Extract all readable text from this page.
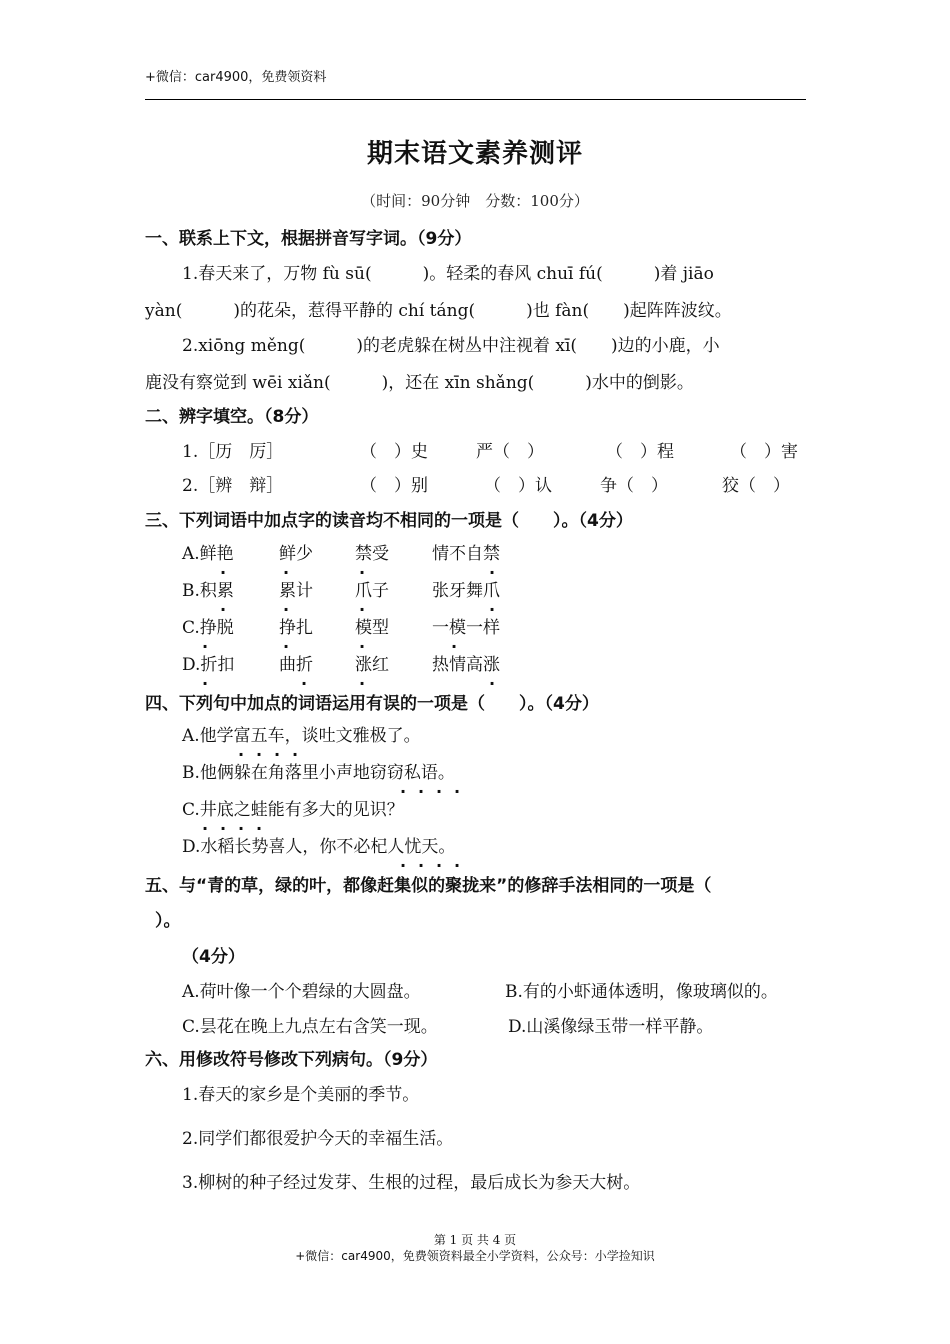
+微信：car4900，免费领资料
期末语文素养测评
（时间：90分钟　分数：100分）
一、联系上下文，根据拼音写字词。（9分）
1.春天来了，万物 fù sū(　　　)。轻柔的春风 chuī fú(　　　)着 jiāo
yàn(　　　)的花朵，惹得平静的 chí táng(　　　)也 fàn(　　)起阵阵波纹。
2.xiōng měng(　　　)的老虎躲在树丛中注视着 xī(　　)边的小鹿，小
鹿没有察觉到 wēi xiǎn(　　　)，还在 xīn shǎng(　　　)水中的倒影。
二、辨字填空。（8分）
1.［历　厉］	（　）史	严（　）	（　）程	（　）害
2.［辨　辩］	（　）别	（　）认	争（　）	狡（　）
三、下列词语中加点字的读音均不相同的一项是（　　）。（4分）
A.鲜艳	鲜少 禁受	情不自禁
B.积累	累计 爪子	张牙舞爪
C.挣脱	挣扎 模型	一模一样
D.折扣	曲折 涨红	热情高涨
·	·	·	·
·	·	·	·
·	·	·	·
·	·	·	·
四、下列句中加点的词语运用有误的一项是（　　）。（4分）
A.他学富五车，谈吐文雅极了。
B.他俩躲在角落里小声地窃窃私语。
C.井底之蛙能有多大的见识？
D.水稻长势喜人，你不必杞人忧天。
· · · ·
· · · ·
· · · ·
· · · ·
五、与“青的草，绿的叶，都像赶集似的聚拢来”的修辞手法相同的一项是（
）。
（4分）
A.荷叶像一个个碧绿的大圆盘。	B.有的小虾通体透明，像玻璃似的。
C.昙花在晚上九点左右含笑一现。	D.山溪像绿玉带一样平静。
六、用修改符号修改下列病句。（9分）
1.春天的家乡是个美丽的季节。
2.同学们都很爱护今天的幸福生活。
3.柳树的种子经过发芽、生根的过程，最后成长为参天大树。
第 1 页 共 4 页
+微信：car4900，免费领资料最全小学资料，公众号：小学捡知识
